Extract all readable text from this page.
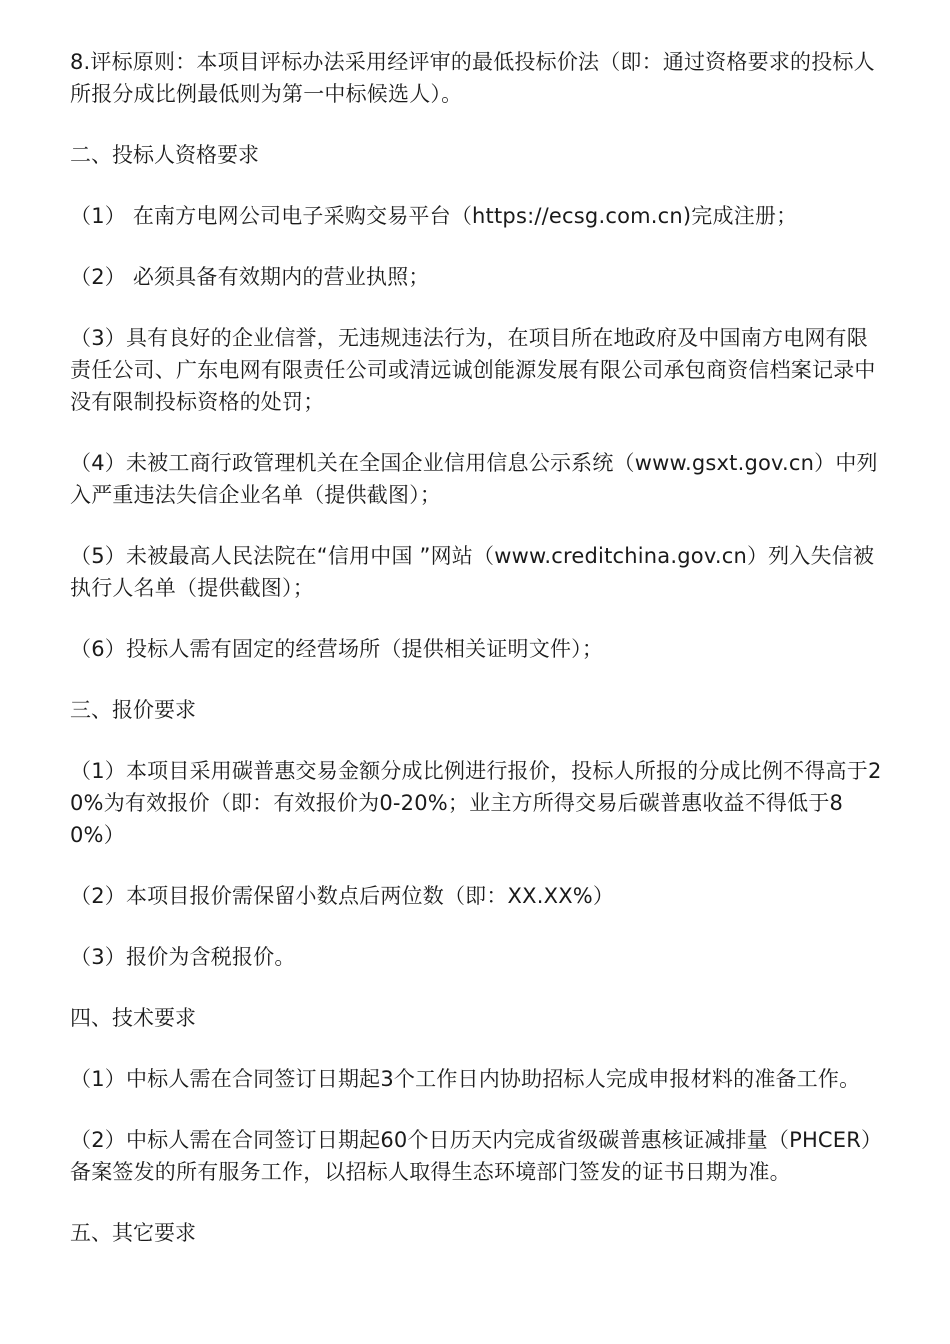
8.评标原则：本项目评标办法采用经评审的最低投标价法（即：通过资格要求的投标人所报分成比例最低则为第一中标候选人）。

二、投标人资格要求

（1） 在南方电网公司电子采购交易平台（https://ecsg.com.cn)完成注册；

（2） 必须具备有效期内的营业执照；

（3）具有良好的企业信誉，无违规违法行为，在项目所在地政府及中国南方电网有限责任公司、广东电网有限责任公司或清远诚创能源发展有限公司承包商资信档案记录中没有限制投标资格的处罚；

（4）未被工商行政管理机关在全国企业信用信息公示系统（www.gsxt.gov.cn）中列入严重违法失信企业名单（提供截图）；

（5）未被最高人民法院在“信用中国 ”网站（www.creditchina.gov.cn）列入失信被执行人名单（提供截图）；

（6）投标人需有固定的经营场所（提供相关证明文件）；

三、报价要求

（1）本项目采用碳普惠交易金额分成比例进行报价，投标人所报的分成比例不得高于20%为有效报价（即：有效报价为0-20%；业主方所得交易后碳普惠收益不得低于80%）

（2）本项目报价需保留小数点后两位数（即：XX.XX%）

（3）报价为含税报价。

四、技术要求

（1）中标人需在合同签订日期起3个工作日内协助招标人完成申报材料的准备工作。

（2）中标人需在合同签订日期起60个日历天内完成省级碳普惠核证减排量（PHCER）备案签发的所有服务工作，以招标人取得生态环境部门签发的证书日期为准。

五、其它要求
